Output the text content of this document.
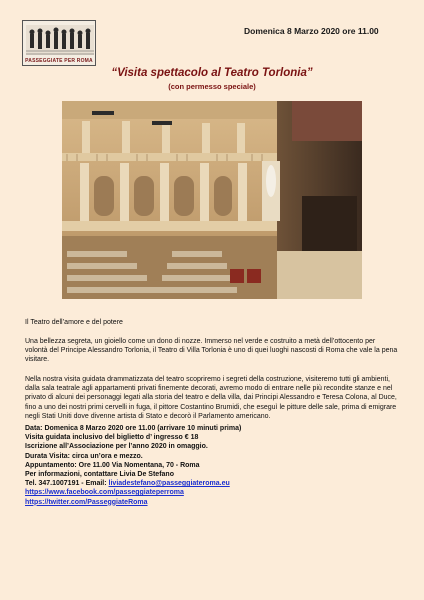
PASSEGGIATE PER ROMA
Domenica 8 Marzo 2020 ore 11.00
“Visita spettacolo al Teatro Torlonia”
(con permesso speciale)
Il Teatro dell’amore e del potere
Una bellezza segreta, un gioiello come un dono di nozze. Immerso nel verde e costruito a metà dell’ottocento per volontà del Principe Alessandro Torlonia, il Teatro di Villa Torlonia è uno di quei luoghi nascosti di Roma che vale la pena visitare.
Nella nostra visita guidata drammatizzata del teatro scopriremo i segreti della costruzione, visiteremo tutti gli ambienti, dalla sala teatrale agli appartamenti privati finemente decorati, avremo modo di entrare nelle più recondite stanze e nel privato di alcuni dei personaggi legati alla storia del teatro e della villa, dai Principi Alessandro e Teresa Colona, al Duce, fino a uno dei nostri primi cervelli in fuga, il pittore Costantino Brumidi, che eseguì le pitture delle sale, prima di emigrare negli Stati Uniti dove divenne artista di Stato e decorò il Parlamento americano.
Data: Domenica 8 Marzo 2020 ore 11.00 (arrivare 10 minuti prima)
Visita guidata inclusivo del biglietto d’ ingresso € 18
Iscrizione all’Associazione per l’anno 2020 in omaggio.
Durata Visita: circa un’ora e mezzo.
Appuntamento: Ore 11.00 Via Nomentana, 70 - Roma
Per informazioni, contattare Livia De Stefano
Tel. 347.1007191 - Email: liviadestefano@passeggiateroma.eu
https://www.facebook.com/passeggiateperroma
https://twitter.com/PasseggiateRoma
